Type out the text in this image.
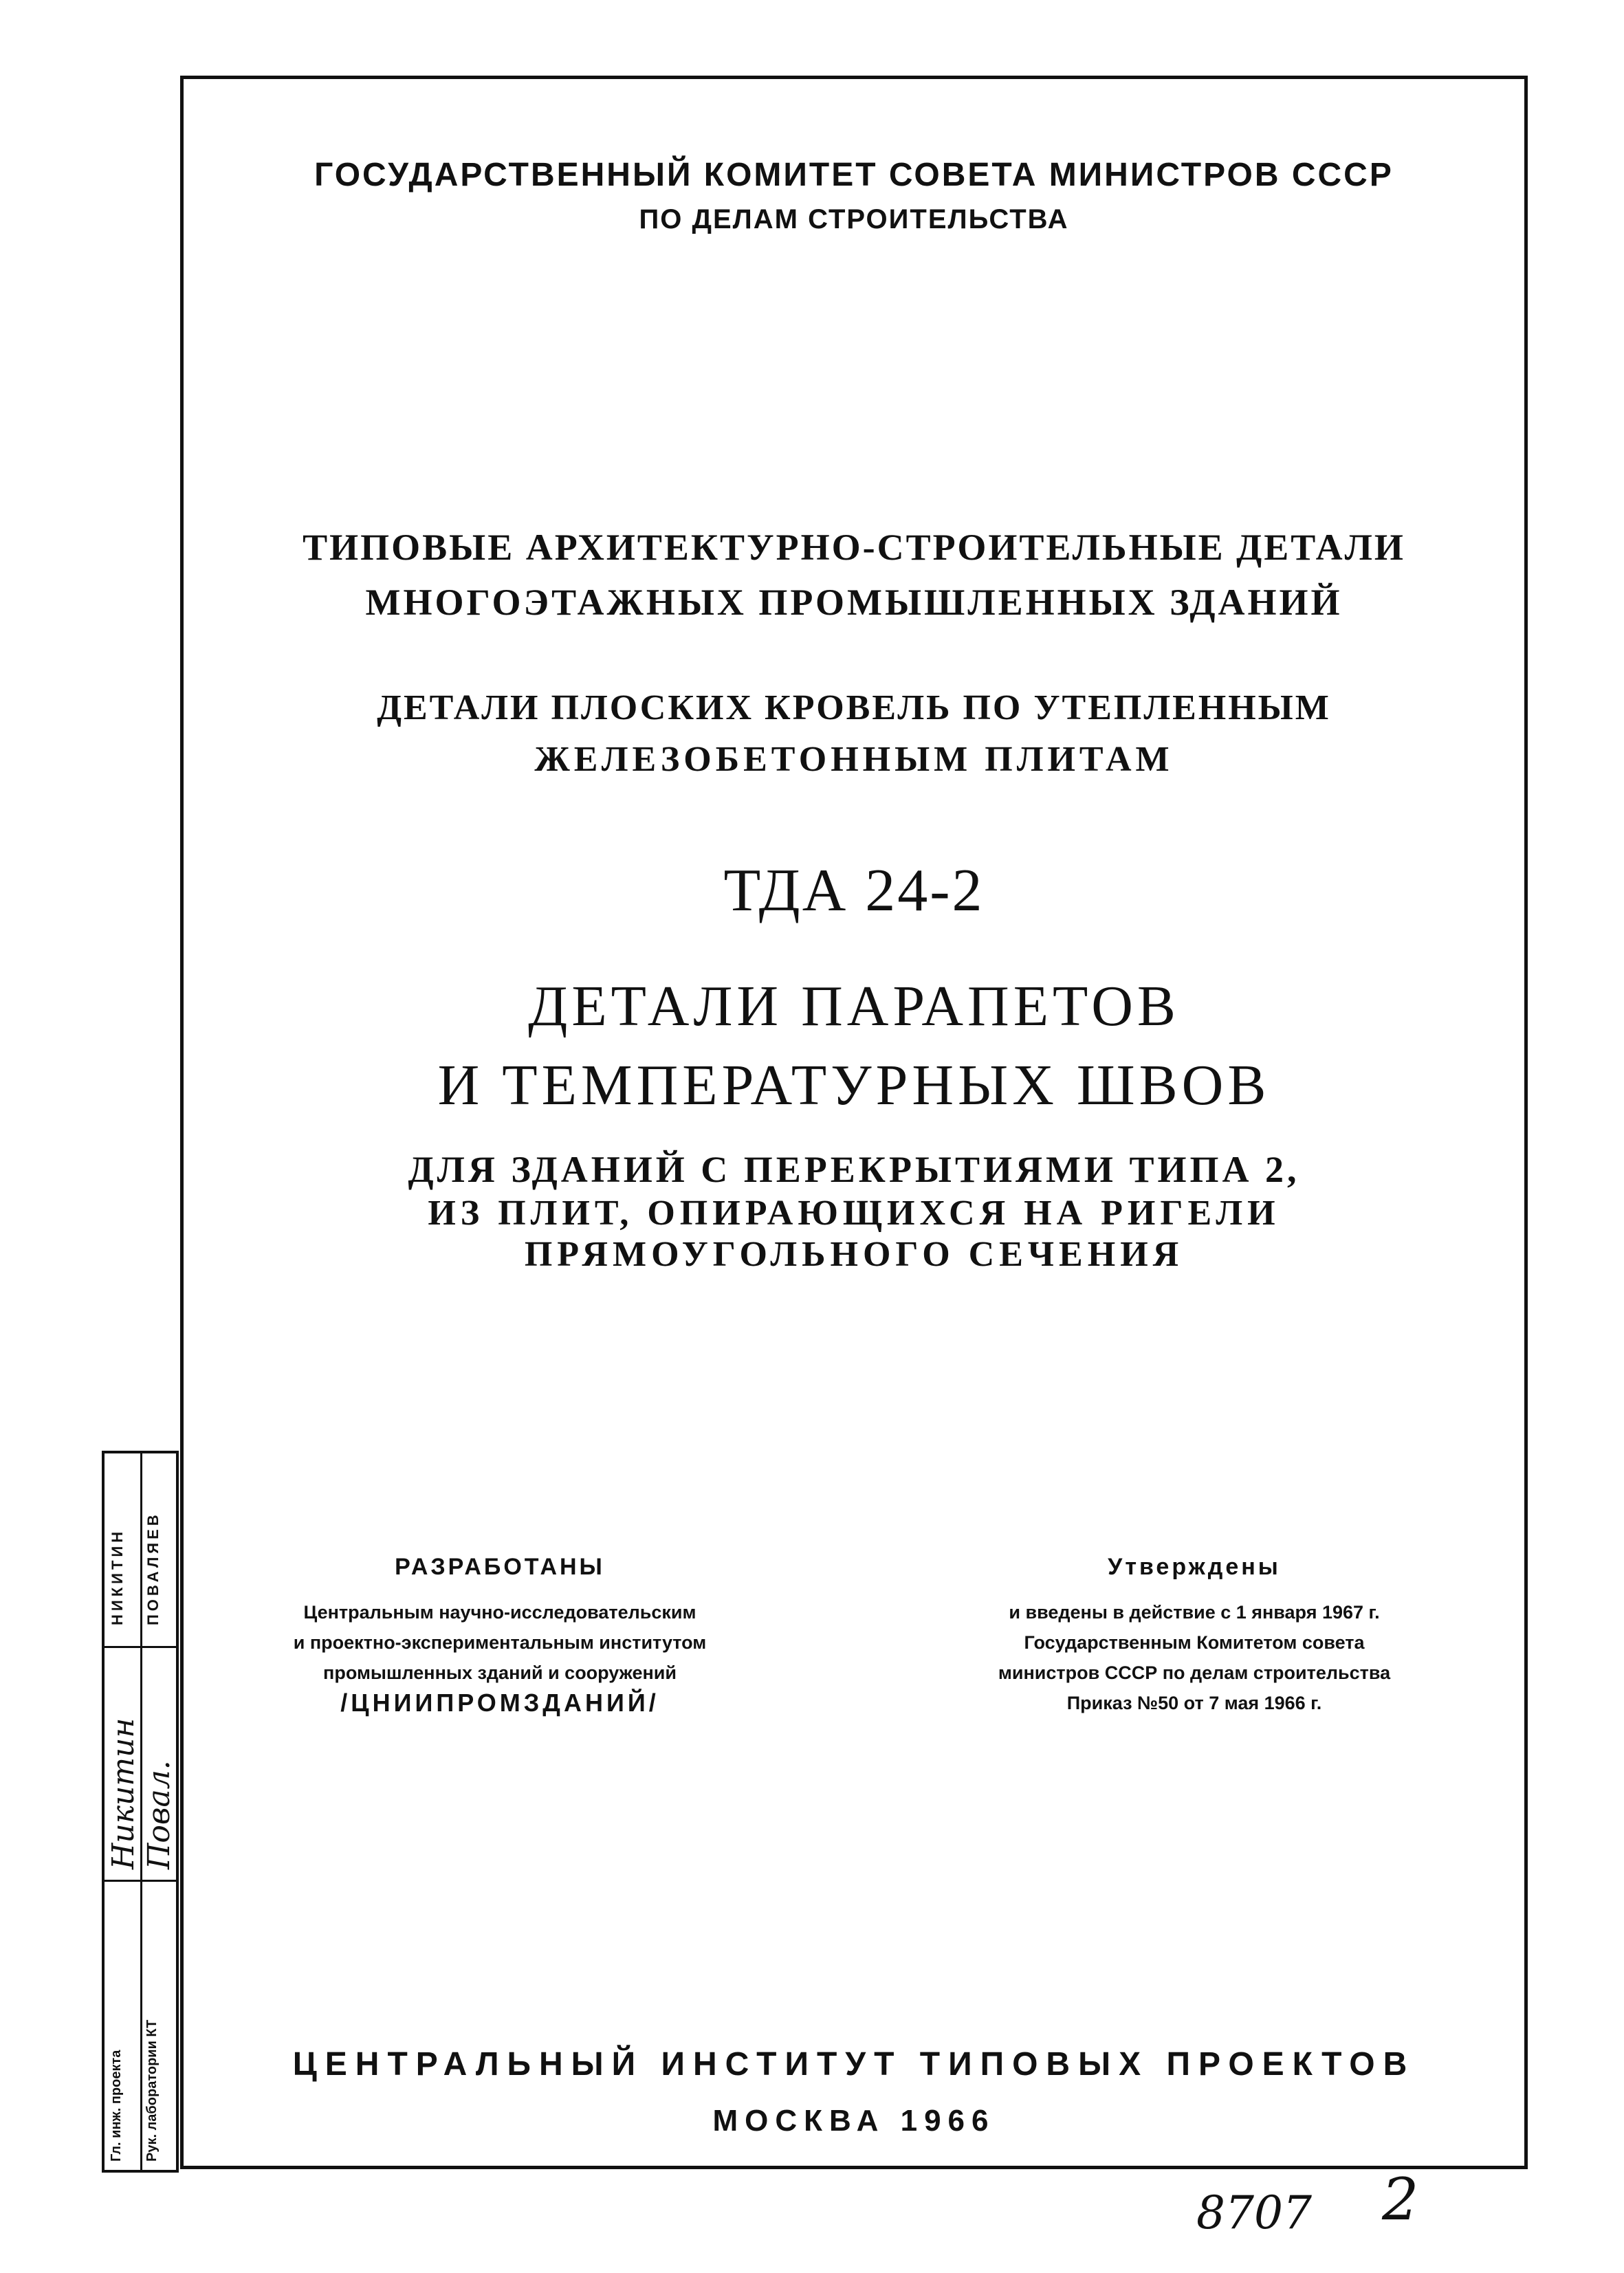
ГОСУДАРСТВЕННЫЙ КОМИТЕТ СОВЕТА МИНИСТРОВ СССР
ПО ДЕЛАМ СТРОИТЕЛЬСТВА
ТИПОВЫЕ АРХИТЕКТУРНО-СТРОИТЕЛЬНЫЕ ДЕТАЛИ
МНОГОЭТАЖНЫХ ПРОМЫШЛЕННЫХ ЗДАНИЙ
ДЕТАЛИ ПЛОСКИХ КРОВЕЛЬ ПО УТЕПЛЕННЫМ
ЖЕЛЕЗОБЕТОННЫМ ПЛИТАМ
ТДА 24-2
ДЕТАЛИ ПАРАПЕТОВ
И ТЕМПЕРАТУРНЫХ ШВОВ
ДЛЯ ЗДАНИЙ С ПЕРЕКРЫТИЯМИ ТИПА 2,
ИЗ ПЛИТ, ОПИРАЮЩИХСЯ НА РИГЕЛИ
ПРЯМОУГОЛЬНОГО СЕЧЕНИЯ
РАЗРАБОТАНЫ
Центральным научно-исследовательским
и проектно-экспериментальным институтом
промышленных зданий и сооружений
/ЦНИИПРОМЗДАНИЙ/
Утверждены
и введены в действие с 1 января 1967 г.
Государственным Комитетом совета
министров СССР по делам строительства
Приказ №50 от 7 мая 1966 г.
ЦЕНТРАЛЬНЫЙ ИНСТИТУТ ТИПОВЫХ ПРОЕКТОВ
МОСКВА 1966
НИКИТИН ПОВАЛЯЕВ
Никитин Повал.
Гл. инж. проекта Рук. лаборатории КТ
8707 2
